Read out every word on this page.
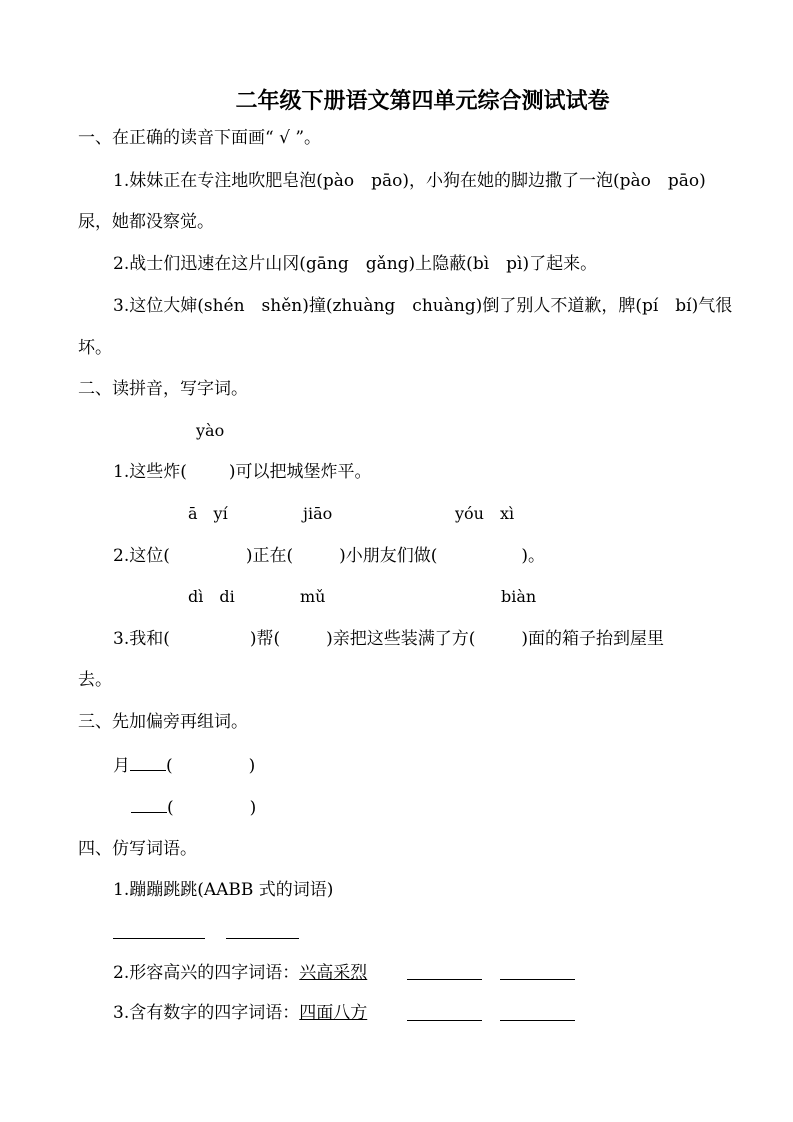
二年级下册语文第四单元综合测试试卷
一、在正确的读音下面画“ √ ”。
1.妹妹正在专注地吹肥皂泡(pào　pāo)，小狗在她的脚边撒了一泡(pào　pāo)
尿，她都没察觉。
2.战士们迅速在这片山冈(gāng　gǎng)上隐蔽(bì　pì)了起来。
3.这位大婶(shén　shěn)撞(zhuàng　chuàng)倒了别人不道歉，脾(pí　bí)气很
坏。
二、读拼音，写字词。
yào
1.这些炸( )可以把城堡炸平。
ā　yí	jiāo	yóu　xì
2.这位(	)正在(	)小朋友们做(	)。
dì　di	mǔ	biàn
3.我和(	)帮(	)亲把这些装满了方(	)面的箱子抬到屋里
去。
三、先加偏旁再组词。
月 (	)
(	)
四、仿写词语。
1.蹦蹦跳跳(AABB 式的词语)
2.形容高兴的四字词语：兴高采烈
3.含有数字的四字词语：四面八方
